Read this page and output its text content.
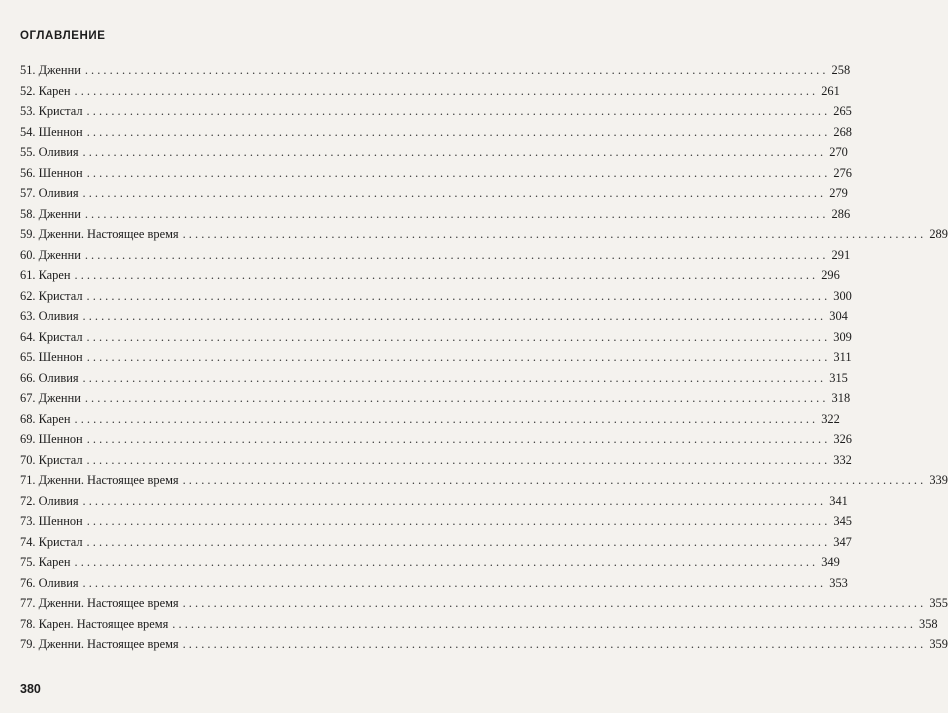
ОГЛАВЛЕНИЕ
51. Дженни ........................................................................................................................ 258
52. Карен ........................................................................................................................ 261
53. Кристал ........................................................................................................................ 265
54. Шеннон ........................................................................................................................ 268
55. Оливия ........................................................................................................................ 270
56. Шеннон ........................................................................................................................ 276
57. Оливия ........................................................................................................................ 279
58. Дженни ........................................................................................................................ 286
59. Дженни. Настоящее время ........................................................................................................................ 289
60. Дженни ........................................................................................................................ 291
61. Карен ........................................................................................................................ 296
62. Кристал ........................................................................................................................ 300
63. Оливия ........................................................................................................................ 304
64. Кристал ........................................................................................................................ 309
65. Шеннон ........................................................................................................................ 311
66. Оливия ........................................................................................................................ 315
67. Дженни ........................................................................................................................ 318
68. Карен ........................................................................................................................ 322
69. Шеннон ........................................................................................................................ 326
70. Кристал ........................................................................................................................ 332
71. Дженни. Настоящее время ........................................................................................................................ 339
72. Оливия ........................................................................................................................ 341
73. Шеннон ........................................................................................................................ 345
74. Кристал ........................................................................................................................ 347
75. Карен ........................................................................................................................ 349
76. Оливия ........................................................................................................................ 353
77. Дженни. Настоящее время ........................................................................................................................ 355
78. Карен. Настоящее время ........................................................................................................................ 358
79. Дженни. Настоящее время ........................................................................................................................ 359
380
